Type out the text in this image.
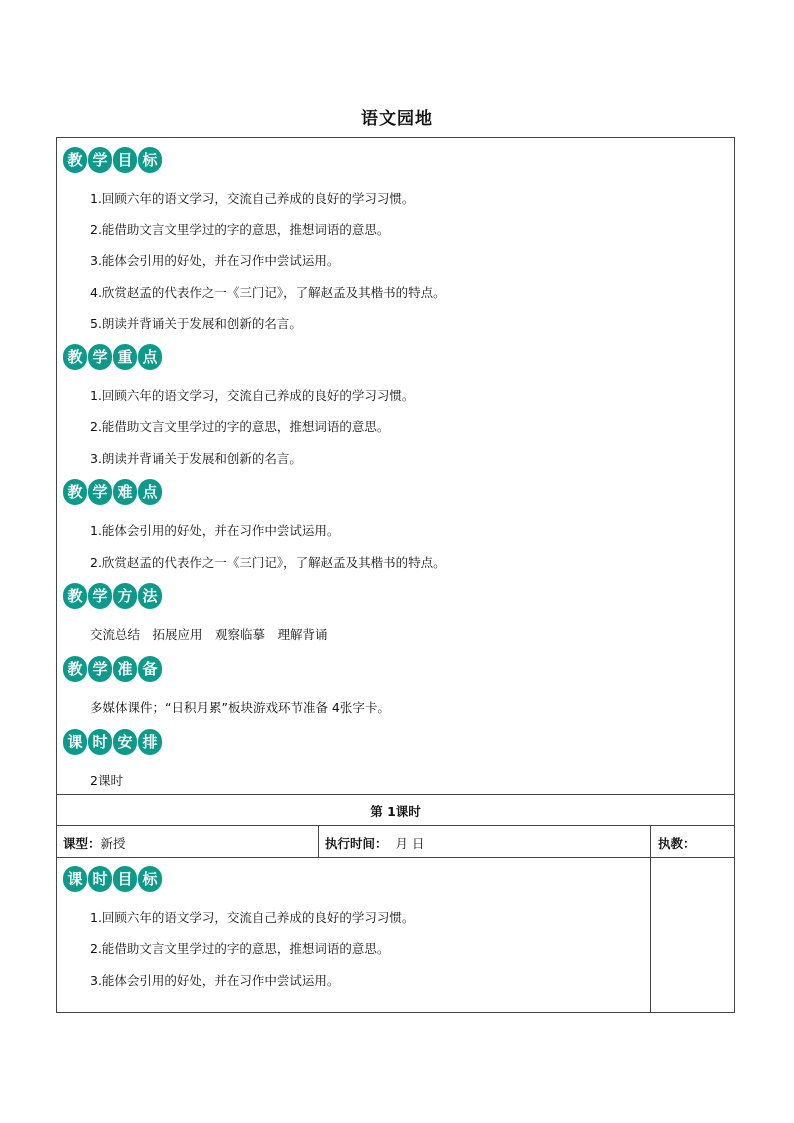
语文园地
教 学 目 标
1.回顾六年的语文学习，交流自己养成的良好的学习习惯。
2.能借助文言文里学过的字的意思，推想词语的意思。
3.能体会引用的好处，并在习作中尝试运用。
4.欣赏赵孟的代表作之一《三门记》，了解赵孟及其楷书的特点。
5.朗读并背诵关于发展和创新的名言。
教 学 重 点
1.回顾六年的语文学习，交流自己养成的良好的学习习惯。
2.能借助文言文里学过的字的意思，推想词语的意思。
3.朗读并背诵关于发展和创新的名言。
教 学 难 点
1.能体会引用的好处，并在习作中尝试运用。
2.欣赏赵孟的代表作之一《三门记》，了解赵孟及其楷书的特点。
教 学 方 法
交流总结　拓展应用　观察临摹　理解背诵
教 学 准 备
多媒体课件；“日积月累”板块游戏环节准备 4张字卡。
课 时 安 排
2课时
第 1课时
课型：新授	执行时间： 月 日	执教：
课 时 目 标
1.回顾六年的语文学习，交流自己养成的良好的学习习惯。
2.能借助文言文里学过的字的意思，推想词语的意思。
3.能体会引用的好处，并在习作中尝试运用。
